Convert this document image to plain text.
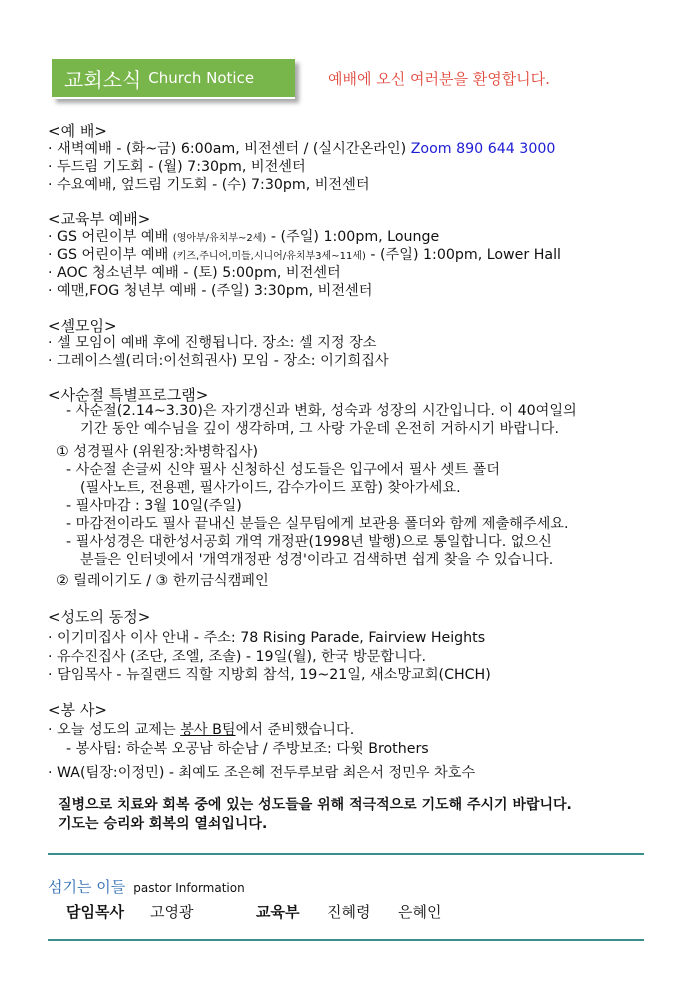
교회소식 Church Notice	예배에 오신 여러분을 환영합니다.
<예 배>
· 새벽예배 - (화~금) 6:00am, 비전센터 / (실시간온라인) Zoom 890 644 3000
· 두드림 기도회 - (월) 7:30pm, 비전센터
· 수요예배, 엎드림 기도회 - (수) 7:30pm, 비전센터
<교육부 예배>
· GS 어린이부 예배 (영아부/유치부~2세) - (주일) 1:00pm, Lounge
· GS 어린이부 예배 (키즈,주니어,미들,시니어/유치부3세~11세) - (주일) 1:00pm, Lower Hall
· AOC 청소년부 예배 - (토) 5:00pm, 비전센터
· 예맨,FOG 청년부 예배 - (주일) 3:30pm, 비전센터
<셀모임>
· 셀 모임이 예배 후에 진행됩니다. 장소: 셀 지정 장소
· 그레이스셀(리더:이선희권사) 모임 - 장소: 이기희집사
<사순절 특별프로그램>
- 사순절(2.14~3.30)은 자기갱신과 변화, 성숙과 성장의 시간입니다. 이 40여일의
기간 동안 예수님을 깊이 생각하며, 그 사랑 가운데 온전히 거하시기 바랍니다.
① 성경필사 (위원장:차병학집사)
- 사순절 손글씨 신약 필사 신청하신 성도들은 입구에서 필사 셋트 폴더
(필사노트, 전용펜, 필사가이드, 감수가이드 포함) 찾아가세요.
- 필사마감 : 3월 10일(주일)
- 마감전이라도 필사 끝내신 분들은 실무팀에게 보관용 폴더와 함께 제출해주세요.
- 필사성경은 대한성서공회 개역 개정판(1998년 발행)으로 통일합니다. 없으신
분들은 인터넷에서 '개역개정판 성경'이라고 검색하면 쉽게 찾을 수 있습니다.
② 릴레이기도 / ③ 한끼금식캠페인
<성도의 동정>
· 이기미집사 이사 안내 - 주소: 78 Rising Parade, Fairview Heights
· 유수진집사 (조단, 조엘, 조솔) - 19일(월), 한국 방문합니다.
· 담임목사 - 뉴질랜드 직할 지방회 참석, 19~21일, 새소망교회(CHCH)
<봉 사>
· 오늘 성도의 교제는 봉사 B팀에서 준비했습니다.
- 봉사팀: 하순복 오공남 하순남 / 주방보조: 다윗 Brothers
· WA(팀장:이정민) - 최예도 조은혜 전두루보람 최은서 정민우 차호수
질병으로 치료와 회복 중에 있는 성도들을 위해 적극적으로 기도해 주시기 바랍니다.
기도는 승리와 회복의 열쇠입니다.
섬기는 이들 pastor Information
담임목사 고영광	교육부 진혜령 은혜인
